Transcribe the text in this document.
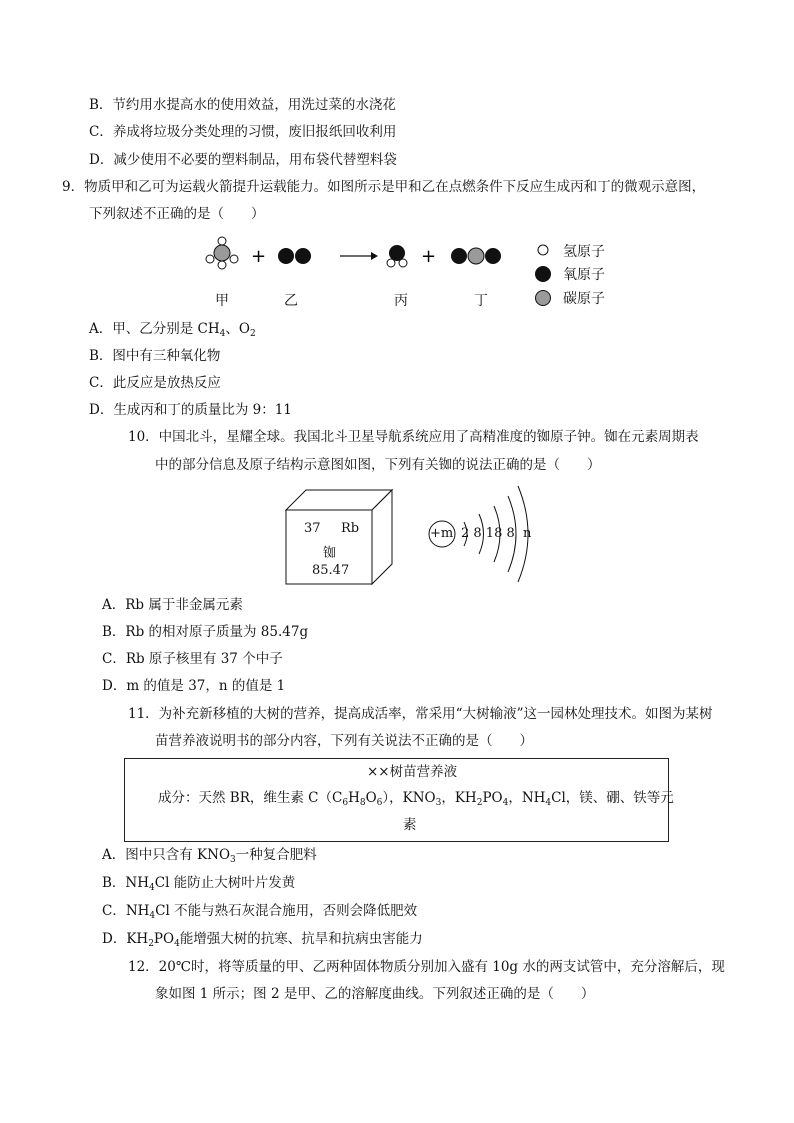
B．节约用水提高水的使用效益，用洗过菜的水浇花
C．养成将垃圾分类处理的习惯，废旧报纸回收利用
D．减少使用不必要的塑料制品，用布袋代替塑料袋
9．物质甲和乙可为运载火箭提升运载能力。如图所示是甲和乙在点燃条件下反应生成丙和丁的微观示意图，
下列叙述不正确的是（　　）
+	+	氢原子
氧原子
碳原子
甲	乙	丙	丁
A．甲、乙分别是 $CH_4$、$O_2$
B．图中有三种氧化物
C．此反应是放热反应
D．生成丙和丁的质量比为 9：11
10．中国北斗，星耀全球。我国北斗卫星导航系统应用了高精准度的铷原子钟。铷在元素周期表
中的部分信息及原子结构示意图如图，下列有关铷的说法正确的是（　　）
37 Rb
铷
85.47
+m 2 8 18 8  n
A．Rb 属于非金属元素
B．Rb 的相对原子质量为 85.47g
C．Rb 原子核里有 37 个中子
D．m 的值是 37，n 的值是 1
11．为补充新移植的大树的营养，提高成活率，常采用“大树输液”这一园林处理技术。如图为某树
苗营养液说明书的部分内容，下列有关说法不正确的是（　　）
××树苗营养液
成分：天然 BR，维生素 $C(C_6H_8O_6)$，$KNO_3$，$KH_2PO_4$，$NH_4Cl$，镁、硼、铁等元
素
A．图中只含有 $KNO_3$一种复合肥料
B．$NH_4Cl$ 能防止大树叶片发黄
C．$NH_4Cl$ 不能与熟石灰混合施用，否则会降低肥效
D．$KH_2PO_4$能增强大树的抗寒、抗旱和抗病虫害能力
12．20℃时，将等质量的甲、乙两种固体物质分别加入盛有 10g 水的两支试管中，充分溶解后，现
象如图 1 所示；图 2 是甲、乙的溶解度曲线。下列叙述正确的是（　　）
